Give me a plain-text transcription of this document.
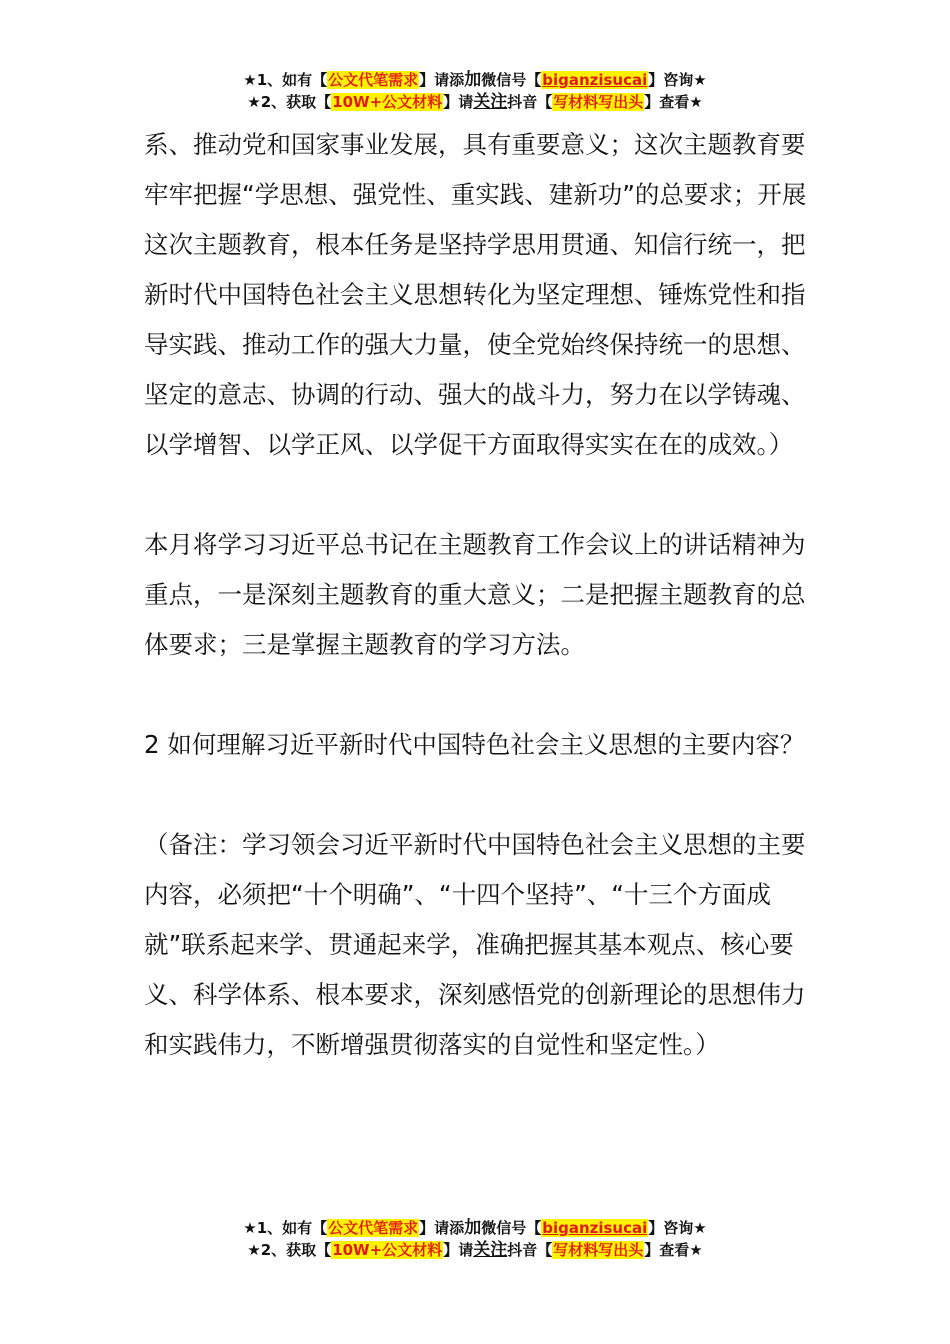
★1、如有【公文代笔需求】请添加微信号【biganzisucai】咨询★
★2、获取【10W+公文材料】请关注抖音【写材料写出头】查看★

系、推动党和国家事业发展，具有重要意义；这次主题教育要牢牢把握“学思想、强党性、重实践、建新功”的总要求；开展这次主题教育，根本任务是坚持学思用贯通、知信行统一，把新时代中国特色社会主义思想转化为坚定理想、锤炼党性和指导实践、推动工作的强大力量，使全党始终保持统一的思想、坚定的意志、协调的行动、强大的战斗力，努力在以学铸魂、以学增智、以学正风、以学促干方面取得实实在在的成效。）

本月将学习习近平总书记在主题教育工作会议上的讲话精神为重点，一是深刻主题教育的重大意义；二是把握主题教育的总体要求；三是掌握主题教育的学习方法。

2 如何理解习近平新时代中国特色社会主义思想的主要内容？

（备注：学习领会习近平新时代中国特色社会主义思想的主要内容，必须把“十个明确”、“十四个坚持”、“十三个方面成就”联系起来学、贯通起来学，准确把握其基本观点、核心要义、科学体系、根本要求，深刻感悟党的创新理论的思想伟力和实践伟力，不断增强贯彻落实的自觉性和坚定性。）

★1、如有【公文代笔需求】请添加微信号【biganzisucai】咨询★
★2、获取【10W+公文材料】请关注抖音【写材料写出头】查看★
